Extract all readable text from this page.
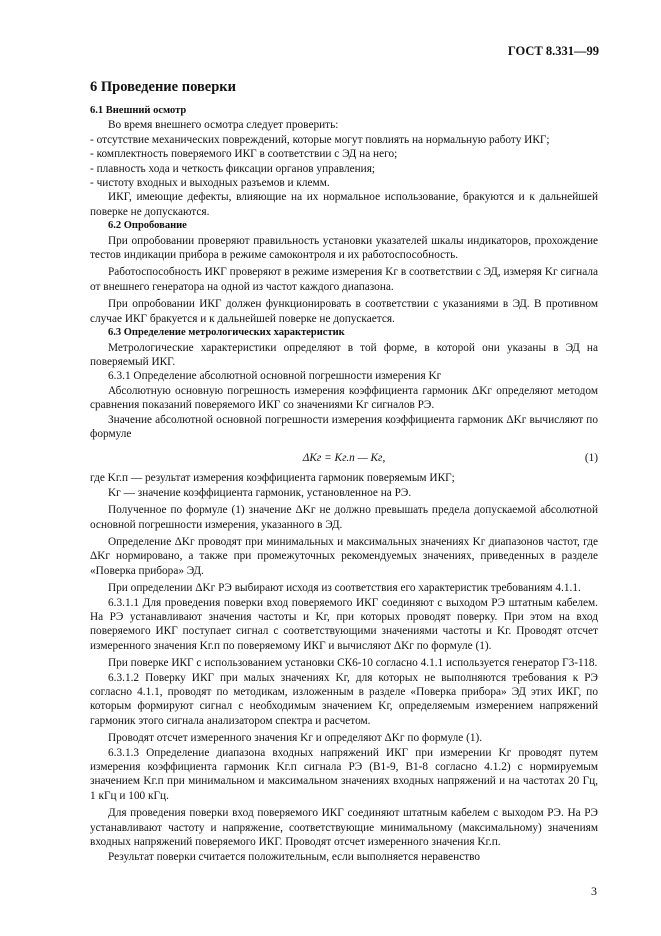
ГОСТ 8.331—99
6 Проведение поверки

6.1 Внешний осмотр

Во время внешнего осмотра следует проверить:

- отсутствие механических повреждений, которые могут повлиять на нормальную работу ИКГ;

- комплектность поверяемого ИКГ в соответствии с ЭД на него;

- плавность хода и четкость фиксации органов управления;

- чистоту входных и выходных разъемов и клемм.

ИКГ, имеющие дефекты, влияющие на их нормальное использование, бракуются и к дальнейшей поверке не допускаются.

6.2 Опробование

При опробовании проверяют правильность установки указателей шкалы индикаторов, прохождение тестов индикации прибора в режиме самоконтроля и их работоспособность.

Работоспособность ИКГ проверяют в режиме измерения Kг в соответствии с ЭД, измеряя Kг сигнала от внешнего генератора на одной из частот каждого диапазона.

При опробовании ИКГ должен функционировать в соответствии с указаниями в ЭД. В противном случае ИКГ бракуется и к дальнейшей поверке не допускается.

6.3 Определение метрологических характеристик

Метрологические характеристики определяют в той форме, в которой они указаны в ЭД на поверяемый ИКГ.

6.3.1 Определение абсолютной основной погрешности измерения Kг

Абсолютную основную погрешность измерения коэффициента гармоник ΔKг определяют методом сравнения показаний поверяемого ИКГ со значениями Kг сигналов РЭ.

Значение абсолютной основной погрешности измерения коэффициента гармоник ΔKг вычисляют по формуле

ΔKг = Kг.п — Kг,	(1)

где Kг.п — результат измерения коэффициента гармоник поверяемым ИКГ;

Kг — значение коэффициента гармоник, установленное на РЭ.

Полученное по формуле (1) значение ΔKг не должно превышать предела допускаемой абсолютной основной погрешности измерения, указанного в ЭД.

Определение ΔKг проводят при минимальных и максимальных значениях Kг диапазонов частот, где ΔKг нормировано, а также при промежуточных рекомендуемых значениях, приведенных в разделе «Поверка прибора» ЭД.

При определении ΔKг РЭ выбирают исходя из соответствия его характеристик требованиям 4.1.1.

6.3.1.1 Для проведения поверки вход поверяемого ИКГ соединяют с выходом РЭ штатным кабелем. На РЭ устанавливают значения частоты и Kг, при которых проводят поверку. При этом на вход поверяемого ИКГ поступает сигнал с соответствующими значениями частоты и Kг. Проводят отсчет измеренного значения Kг.п по поверяемому ИКГ и вычисляют ΔKг по формуле (1).

При поверке ИКГ с использованием установки СК6-10 согласно 4.1.1 используется генератор Г3-118.

6.3.1.2 Поверку ИКГ при малых значениях Kг, для которых не выполняются требования к РЭ согласно 4.1.1, проводят по методикам, изложенным в разделе «Поверка прибора» ЭД этих ИКГ, по которым формируют сигнал с необходимым значением Kг, определяемым измерением напряжений гармоник этого сигнала анализатором спектра и расчетом.

Проводят отсчет измеренного значения Kг и определяют ΔKг по формуле (1).

6.3.1.3 Определение диапазона входных напряжений ИКГ при измерении Kг проводят путем измерения коэффициента гармоник Kг.п сигнала РЭ (B1-9, B1-8 согласно 4.1.2) с нормируемым значением Kг.п при минимальном и максимальном значениях входных напряжений и на частотах 20 Гц, 1 кГц и 100 кГц.

Для проведения поверки вход поверяемого ИКГ соединяют штатным кабелем с выходом РЭ. На РЭ устанавливают частоту и напряжение, соответствующие минимальному (максимальному) значениям входных напряжений поверяемого ИКГ. Проводят отсчет измеренного значения Kг.п.

Результат поверки считается положительным, если выполняется неравенство

3
